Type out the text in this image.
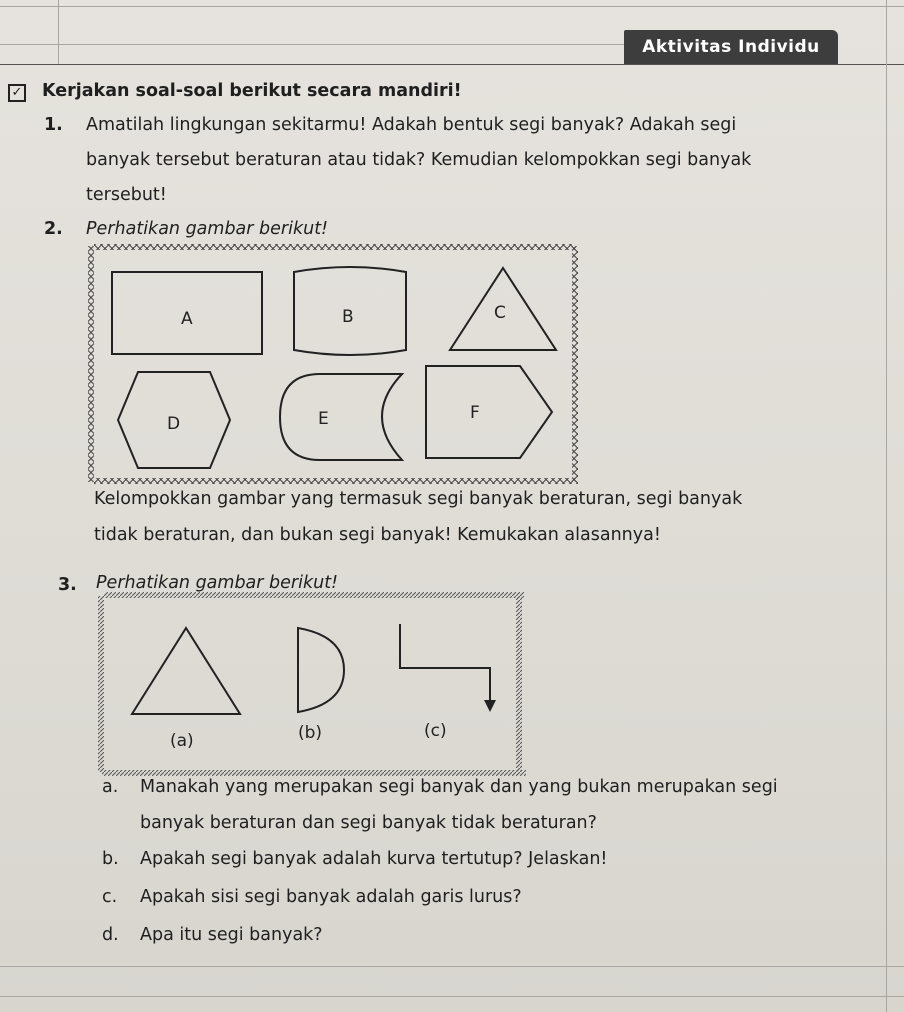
Aktivitas Individu
✓ Kerjakan soal-soal berikut secara mandiri!
1. Amatilah lingkungan sekitarmu! Adakah bentuk segi banyak? Adakah segi
banyak tersebut beraturan atau tidak? Kemudian kelompokkan segi banyak
tersebut!
2. Perhatikan gambar berikut!
A	B	C
D	E	F
(a)	(b)	(c)
Kelompokkan gambar yang termasuk segi banyak beraturan, segi banyak
tidak beraturan, dan bukan segi banyak! Kemukakan alasannya!
3. Perhatikan gambar berikut!
a. Manakah yang merupakan segi banyak dan yang bukan merupakan segi
banyak beraturan dan segi banyak tidak beraturan?
b. Apakah segi banyak adalah kurva tertutup? Jelaskan!
c. Apakah sisi segi banyak adalah garis lurus?
d. Apa itu segi banyak?
